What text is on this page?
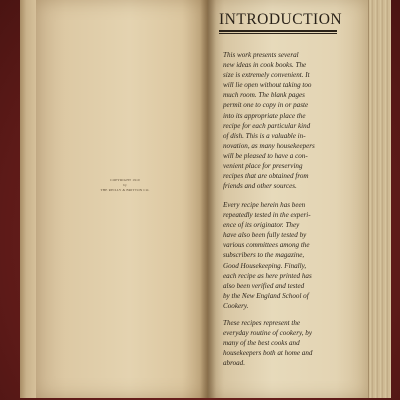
COPYRIGHT 1910
by
THE REILLY & BRITTON CO.
INTRODUCTION
This work presents several
new ideas in cook books. The
size is extremely convenient. It
will lie open without taking too
much room. The blank pages
permit one to copy in or paste
into its appropriate place the
recipe for each particular kind
of dish. This is a valuable in-
novation, as many housekeepers
will be pleased to have a con-
venient place for preserving
recipes that are obtained from
friends and other sources.
Every recipe herein has been
repeatedly tested in the experi-
ence of its originator. They
have also been fully tested by
various committees among the
subscribers to the magazine,
Good Housekeeping. Finally,
each recipe as here printed has
also been verified and tested
by the New England School of
Cookery.
These recipes represent the
everyday routine of cookery, by
many of the best cooks and
housekeepers both at home and
abroad.
